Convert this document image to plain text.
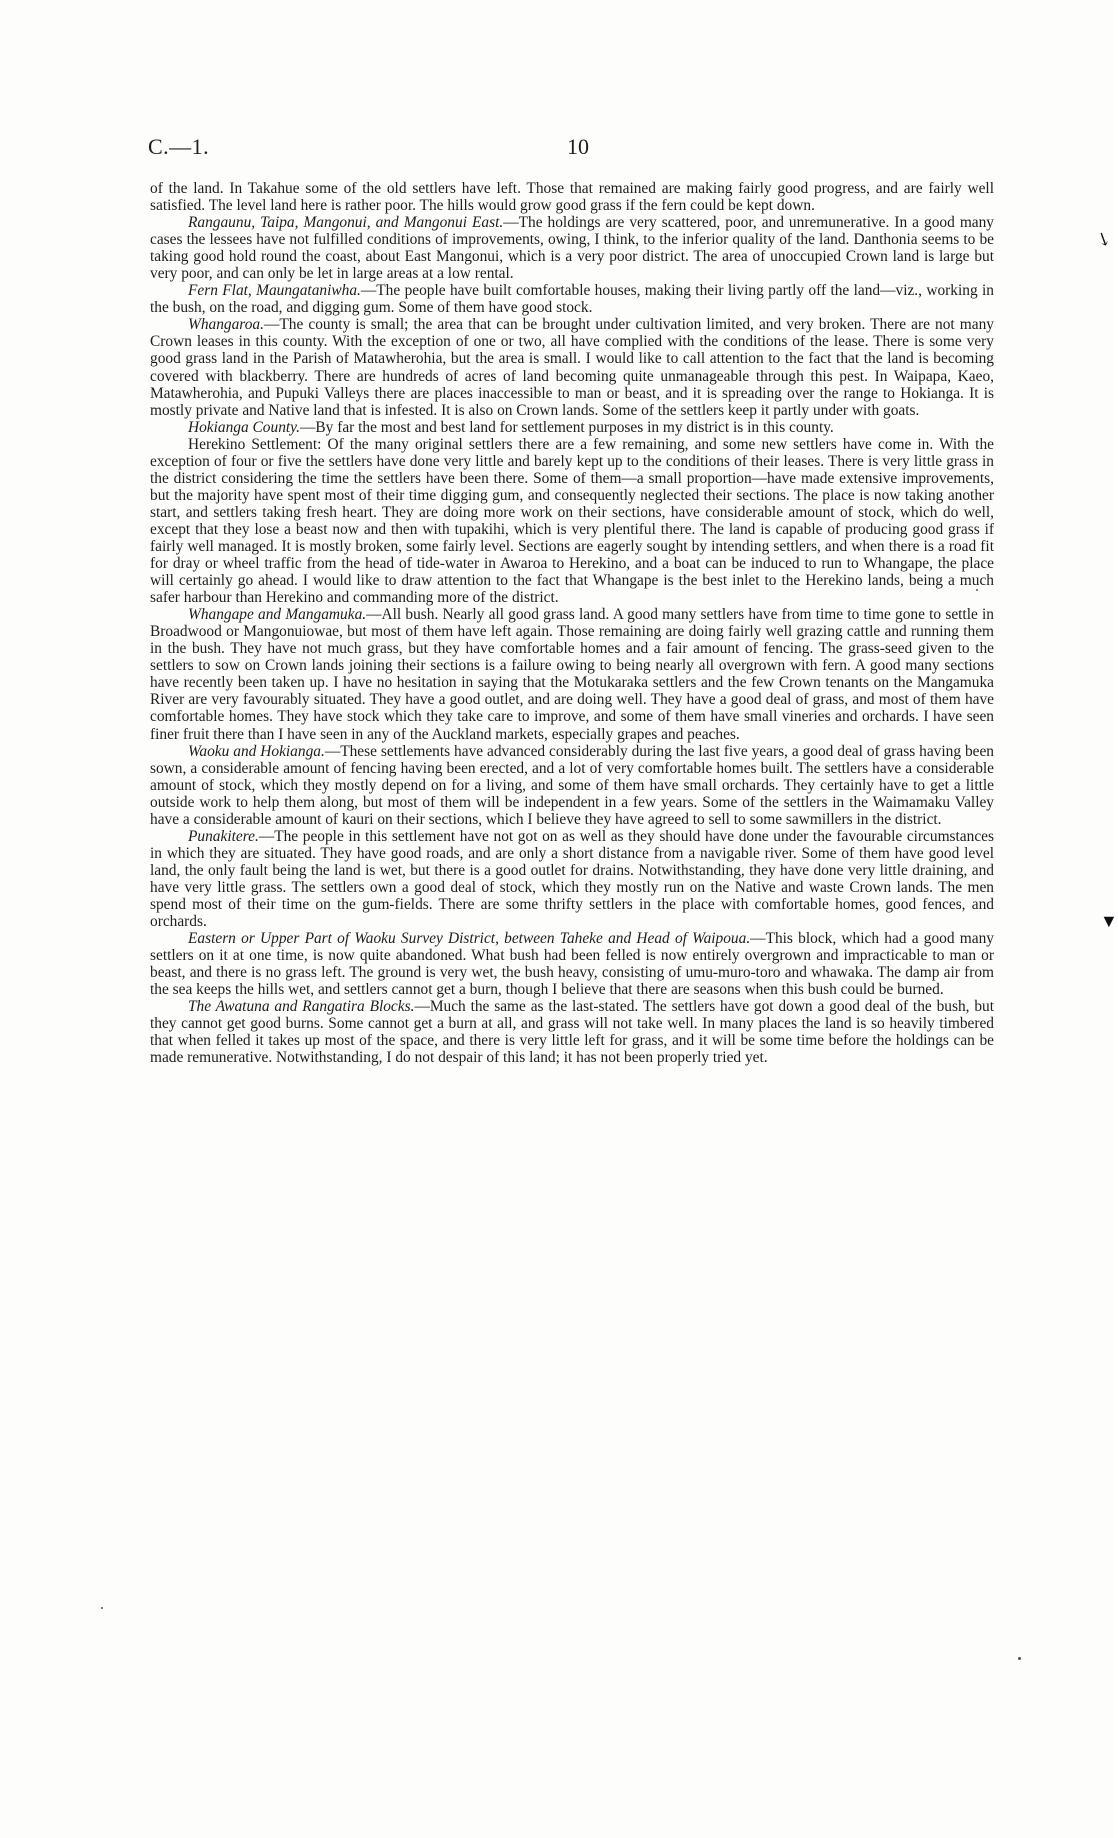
C.—1.	10

of the land. In Takahue some of the old settlers have left. Those that remained are making fairly good progress, and are fairly well satisfied. The level land here is rather poor. The hills would grow good grass if the fern could be kept down.

Rangaunu, Taipa, Mangonui, and Mangonui East.—The holdings are very scattered, poor, and unremunerative. In a good many cases the lessees have not fulfilled conditions of improvements, owing, I think, to the inferior quality of the land. Danthonia seems to be taking good hold round the coast, about East Mangonui, which is a very poor district. The area of unoccupied Crown land is large but very poor, and can only be let in large areas at a low rental.

Fern Flat, Maungataniwha.—The people have built comfortable houses, making their living partly off the land—viz., working in the bush, on the road, and digging gum. Some of them have good stock.

Whangaroa.—The county is small; the area that can be brought under cultivation limited, and very broken. There are not many Crown leases in this county. With the exception of one or two, all have complied with the conditions of the lease. There is some very good grass land in the Parish of Matawherohia, but the area is small. I would like to call attention to the fact that the land is becoming covered with blackberry. There are hundreds of acres of land becoming quite unmanageable through this pest. In Waipapa, Kaeo, Matawherohia, and Pupuki Valleys there are places inaccessible to man or beast, and it is spreading over the range to Hokianga. It is mostly private and Native land that is infested. It is also on Crown lands. Some of the settlers keep it partly under with goats.

Hokianga County.—By far the most and best land for settlement purposes in my district is in this county.

Herekino Settlement: Of the many original settlers there are a few remaining, and some new settlers have come in. With the exception of four or five the settlers have done very little and barely kept up to the conditions of their leases. There is very little grass in the district considering the time the settlers have been there. Some of them—a small proportion—have made extensive improvements, but the majority have spent most of their time digging gum, and consequently neglected their sections. The place is now taking another start, and settlers taking fresh heart. They are doing more work on their sections, have considerable amount of stock, which do well, except that they lose a beast now and then with tupakihi, which is very plentiful there. The land is capable of producing good grass if fairly well managed. It is mostly broken, some fairly level. Sections are eagerly sought by intending settlers, and when there is a road fit for dray or wheel traffic from the head of tide-water in Awaroa to Herekino, and a boat can be induced to run to Whangape, the place will certainly go ahead. I would like to draw attention to the fact that Whangape is the best inlet to the Herekino lands, being a much safer harbour than Herekino and commanding more of the district.

Whangape and Mangamuka.—All bush. Nearly all good grass land. A good many settlers have from time to time gone to settle in Broadwood or Mangonuiowae, but most of them have left again. Those remaining are doing fairly well grazing cattle and running them in the bush. They have not much grass, but they have comfortable homes and a fair amount of fencing. The grass-seed given to the settlers to sow on Crown lands joining their sections is a failure owing to being nearly all overgrown with fern. A good many sections have recently been taken up. I have no hesitation in saying that the Motukaraka settlers and the few Crown tenants on the Mangamuka River are very favourably situated. They have a good outlet, and are doing well. They have a good deal of grass, and most of them have comfortable homes. They have stock which they take care to improve, and some of them have small vineries and orchards. I have seen finer fruit there than I have seen in any of the Auckland markets, especially grapes and peaches.

Waoku and Hokianga.—These settlements have advanced considerably during the last five years, a good deal of grass having been sown, a considerable amount of fencing having been erected, and a lot of very comfortable homes built. The settlers have a considerable amount of stock, which they mostly depend on for a living, and some of them have small orchards. They certainly have to get a little outside work to help them along, but most of them will be independent in a few years. Some of the settlers in the Waimamaku Valley have a considerable amount of kauri on their sections, which I believe they have agreed to sell to some sawmillers in the district.

Punakitere.—The people in this settlement have not got on as well as they should have done under the favourable circumstances in which they are situated. They have good roads, and are only a short distance from a navigable river. Some of them have good level land, the only fault being the land is wet, but there is a good outlet for drains. Notwithstanding, they have done very little draining, and have very little grass. The settlers own a good deal of stock, which they mostly run on the Native and waste Crown lands. The men spend most of their time on the gum-fields. There are some thrifty settlers in the place with comfortable homes, good fences, and orchards.

Eastern or Upper Part of Waoku Survey District, between Taheke and Head of Waipoua.—This block, which had a good many settlers on it at one time, is now quite abandoned. What bush had been felled is now entirely overgrown and impracticable to man or beast, and there is no grass left. The ground is very wet, the bush heavy, consisting of umu-muro-toro and whawaka. The damp air from the sea keeps the hills wet, and settlers cannot get a burn, though I believe that there are seasons when this bush could be burned.

The Awatuna and Rangatira Blocks.—Much the same as the last-stated. The settlers have got down a good deal of the bush, but they cannot get good burns. Some cannot get a burn at all, and grass will not take well. In many places the land is so heavily timbered that when felled it takes up most of the space, and there is very little left for grass, and it will be some time before the holdings can be made remunerative. Notwithstanding, I do not despair of this land; it has not been properly tried yet.

↘
▼
